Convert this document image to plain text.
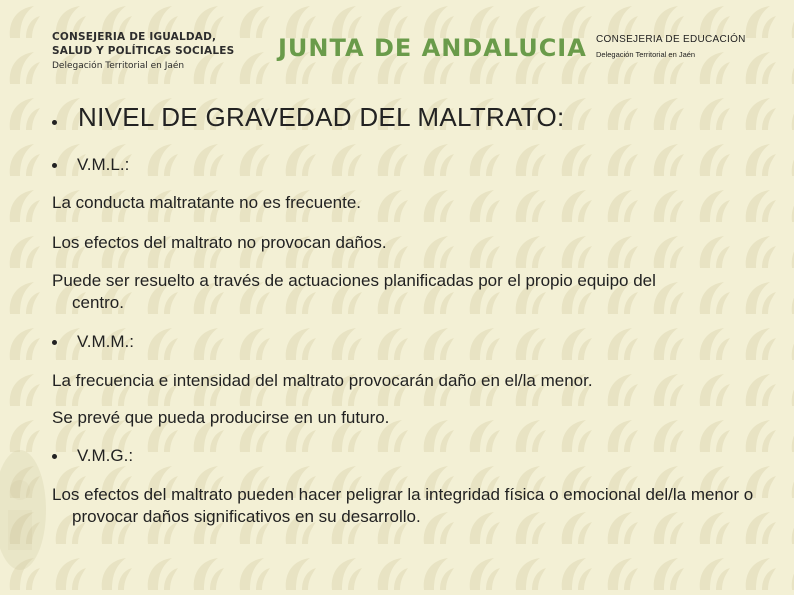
CONSEJERIA DE IGUALDAD,
SALUD Y POLÍTICAS SOCIALES
Delegación Territorial en Jaén
JUNTA DE ANDALUCIA CONSEJERIA DE EDUCACIÓN
Delegación Territorial en Jaén
NIVEL DE GRAVEDAD DEL MALTRATO:
V.M.L.:
La conducta maltratante no es frecuente.
Los efectos del maltrato no provocan daños.
Puede ser resuelto a través de actuaciones planificadas por el propio equipo del centro.
V.M.M.:
La frecuencia e intensidad del maltrato provocarán daño en el/la menor.
Se prevé que pueda producirse en un futuro.
V.M.G.:
Los efectos del maltrato pueden hacer peligrar la integridad física o emocional del/la menor o provocar daños significativos en su desarrollo.
